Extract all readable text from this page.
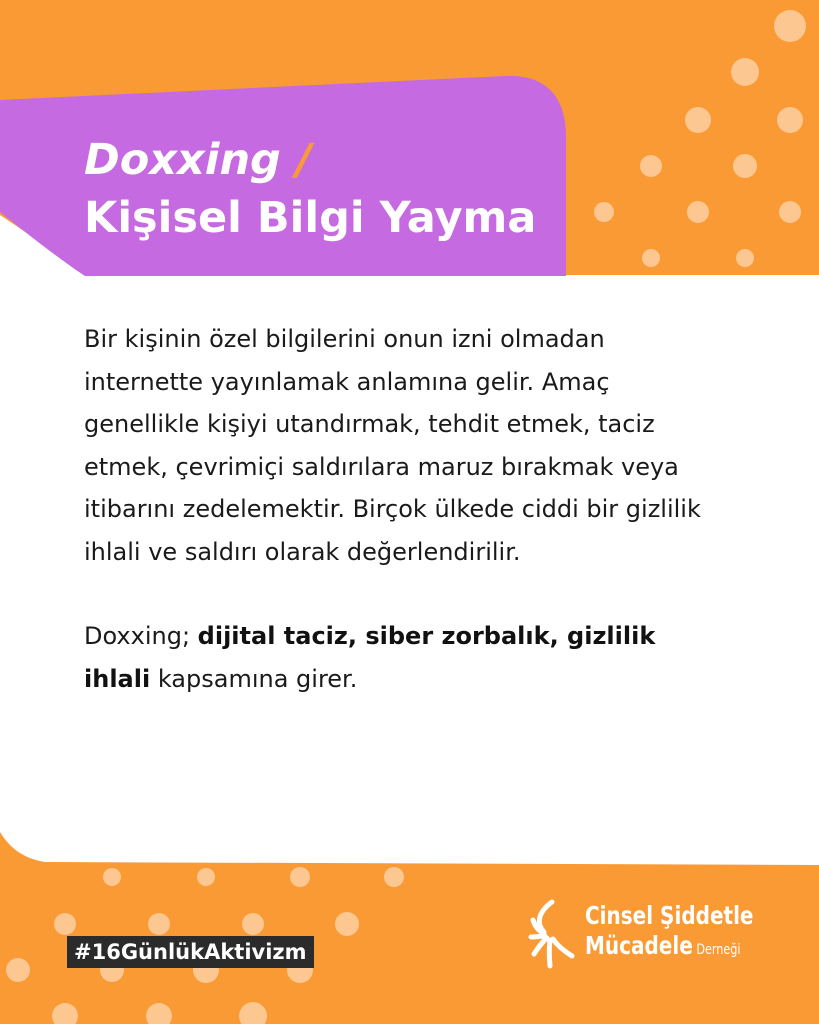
Doxxing /
Kişisel Bilgi Yayma

Bir kişinin özel bilgilerini onun izni olmadan internette yayınlamak anlamına gelir. Amaç genellikle kişiyi utandırmak, tehdit etmek, taciz etmek, çevrimiçi saldırılara maruz bırakmak veya itibarını zedelemektir. Birçok ülkede ciddi bir gizlilik ihlali ve saldırı olarak değerlendirilir.

Doxxing; dijital taciz, siber zorbalık, gizlilik ihlali kapsamına girer.

#16GünlükAktivizm
Cinsel Şiddetle
Mücadele Derneği
